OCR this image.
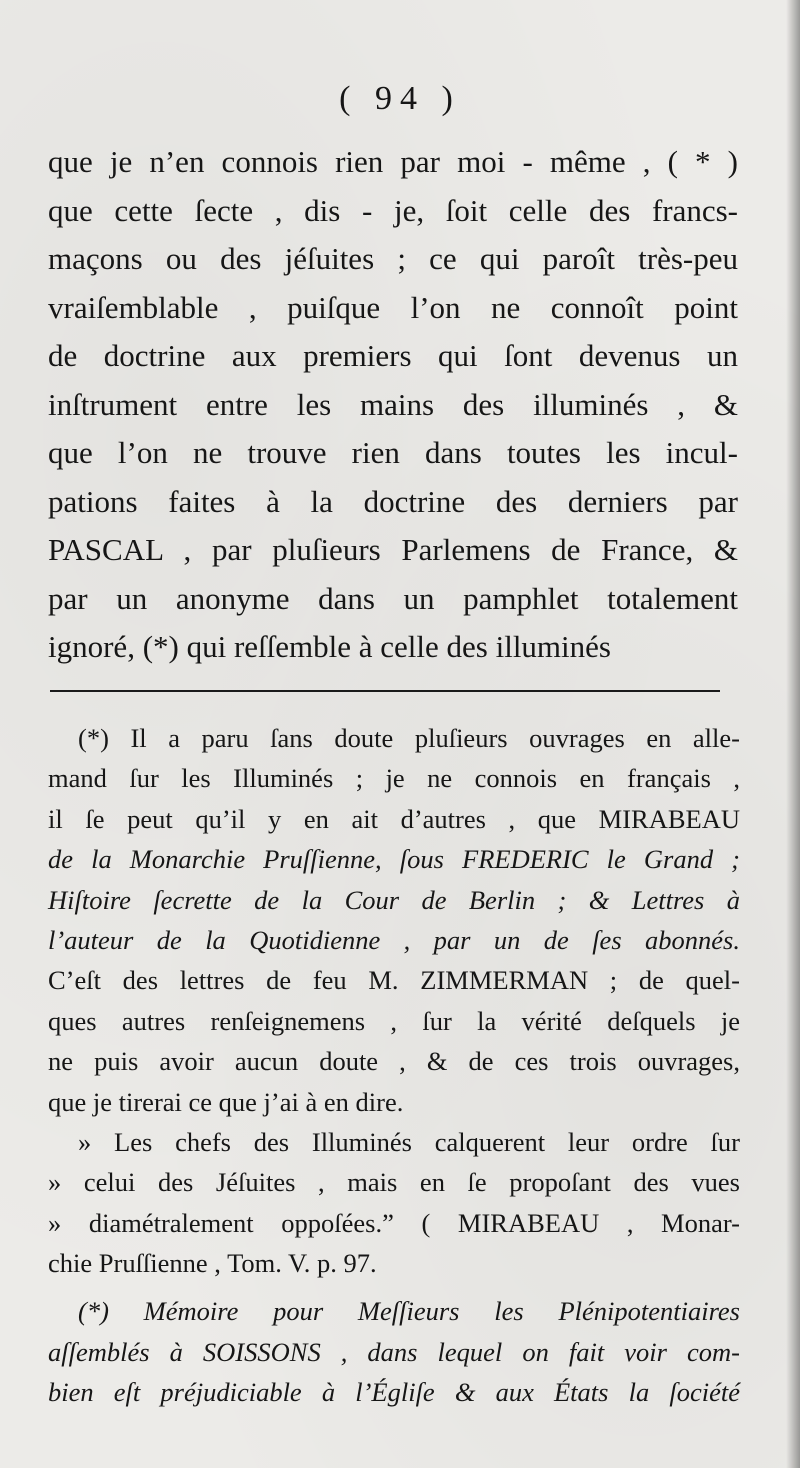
( 94 )
que je n’en connois rien par moi - même , ( * )
que cette ſecte , dis - je, ſoit celle des francs-
maçons ou des jéſuites ; ce qui paroît très-peu
vraiſemblable , puiſque l’on ne connoît point
de doctrine aux premiers qui ſont devenus un
inſtrument entre les mains des illuminés , &
que l’on ne trouve rien dans toutes les incul-
pations faites à la doctrine des derniers par
PASCAL , par pluſieurs Parlemens de France, &
par un anonyme dans un pamphlet totalement
ignoré, (*) qui reſſemble à celle des illuminés
(*) Il a paru ſans doute pluſieurs ouvrages en alle-
mand ſur les Illuminés ; je ne connois en français ,
il ſe peut qu’il y en ait d’autres , que MIRABEAU
de la Monarchie Pruſſienne, ſous FREDERIC le Grand ;
Hiſtoire ſecrette de la Cour de Berlin ; & Lettres à
l’auteur de la Quotidienne , par un de ſes abonnés.
C’eſt des lettres de feu M. ZIMMERMAN ; de quel-
ques autres renſeignemens , ſur la vérité deſquels je
ne puis avoir aucun doute , & de ces trois ouvrages,
que je tirerai ce que j’ai à en dire.
» Les chefs des Illuminés calquerent leur ordre ſur
» celui des Jéſuites , mais en ſe propoſant des vues
» diamétralement oppoſées.” ( MIRABEAU , Monar-
chie Pruſſienne , Tom. V. p. 97.
(*) Mémoire pour Meſſieurs les Plénipotentiaires
aſſemblés à SOISSONS , dans lequel on fait voir com-
bien eſt préjudiciable à l’Égliſe & aux États la ſociété
